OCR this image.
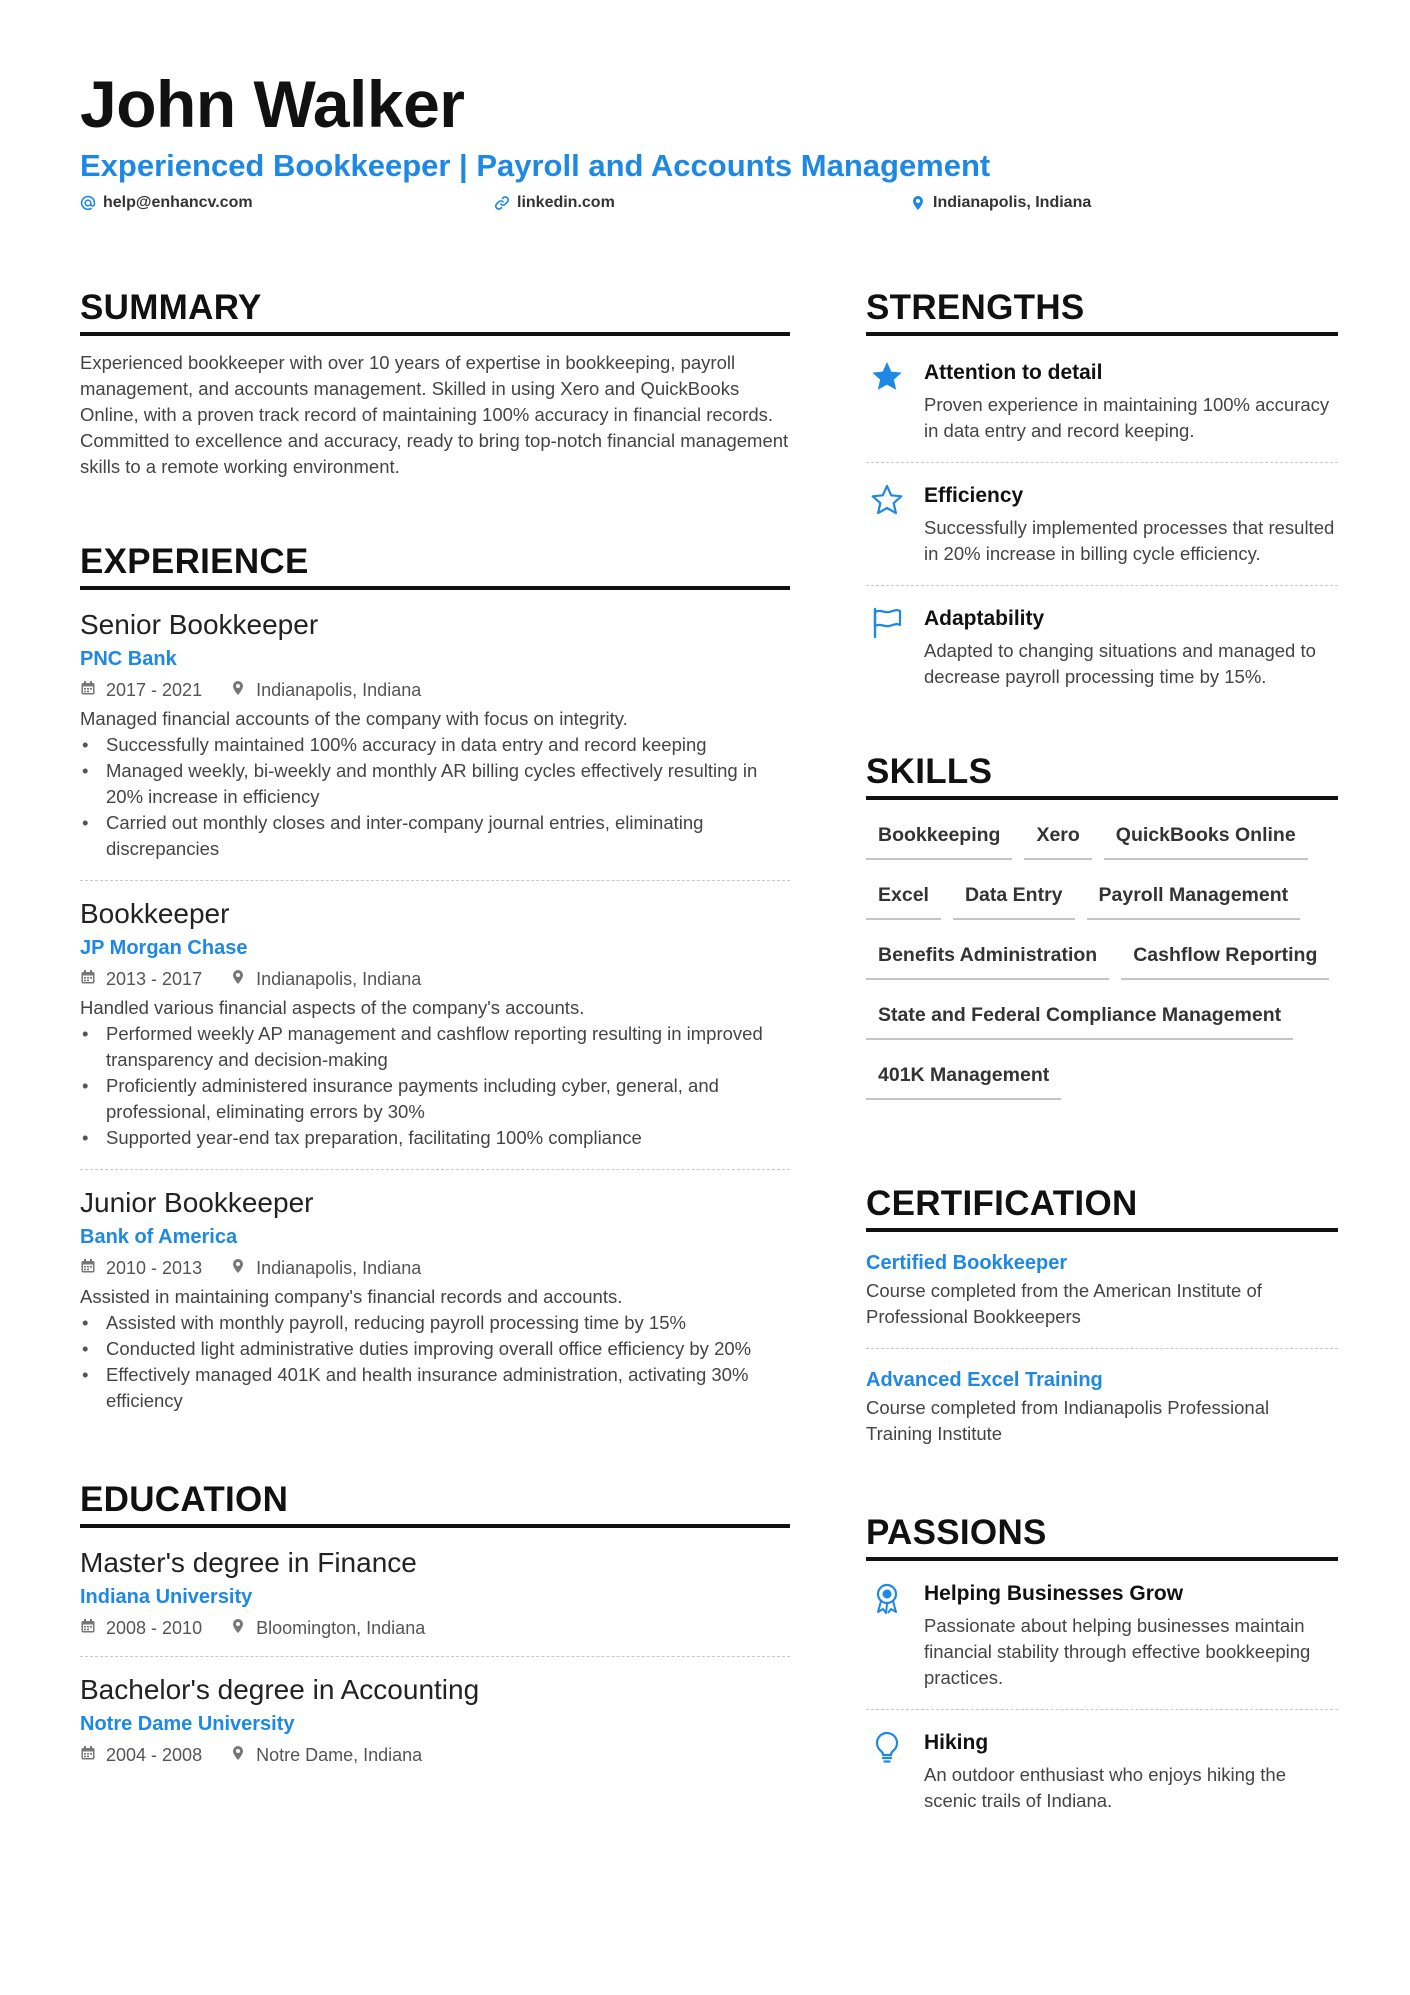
John Walker
Experienced Bookkeeper | Payroll and Accounts Management
help@enhancv.com	linkedin.com	Indianapolis, Indiana
SUMMARY

Experienced bookkeeper with over 10 years of expertise in bookkeeping, payroll management, and accounts management. Skilled in using Xero and QuickBooks Online, with a proven track record of maintaining 100% accuracy in financial records. Committed to excellence and accuracy, ready to bring top-notch financial management skills to a remote working environment.

EXPERIENCE
Senior Bookkeeper
PNC Bank
2017 - 2021	Indianapolis, Indiana

Managed financial accounts of the company with focus on integrity.

• Successfully maintained 100% accuracy in data entry and record keeping
• Managed weekly, bi-weekly and monthly AR billing cycles effectively resulting in 20% increase in efficiency
• Carried out monthly closes and inter-company journal entries, eliminating discrepancies
Bookkeeper
JP Morgan Chase
2013 - 2017	Indianapolis, Indiana

Handled various financial aspects of the company's accounts.

• Performed weekly AP management and cashflow reporting resulting in improved transparency and decision-making
• Proficiently administered insurance payments including cyber, general, and professional, eliminating errors by 30%
• Supported year-end tax preparation, facilitating 100% compliance
Junior Bookkeeper
Bank of America
2010 - 2013	Indianapolis, Indiana

Assisted in maintaining company's financial records and accounts.

• Assisted with monthly payroll, reducing payroll processing time by 15%
• Conducted light administrative duties improving overall office efficiency by 20%
• Effectively managed 401K and health insurance administration, activating 30% efficiency
EDUCATION
Master's degree in Finance
Indiana University
2008 - 2010	Bloomington, Indiana
Bachelor's degree in Accounting
Notre Dame University
2004 - 2008	Notre Dame, Indiana
STRENGTHS
Attention to detail
Proven experience in maintaining 100% accuracy in data entry and record keeping.
Efficiency
Successfully implemented processes that resulted in 20% increase in billing cycle efficiency.
Adaptability
Adapted to changing situations and managed to decrease payroll processing time by 15%.
SKILLS
Bookkeeping	Xero	QuickBooks Online
Excel	Data Entry	Payroll Management
Benefits Administration	Cashflow Reporting
State and Federal Compliance Management
401K Management
CERTIFICATION
Certified Bookkeeper

Course completed from the American Institute of Professional Bookkeepers

Advanced Excel Training

Course completed from Indianapolis Professional Training Institute

PASSIONS
Helping Businesses Grow
Passionate about helping businesses maintain financial stability through effective bookkeeping practices.
Hiking
An outdoor enthusiast who enjoys hiking the scenic trails of Indiana.
